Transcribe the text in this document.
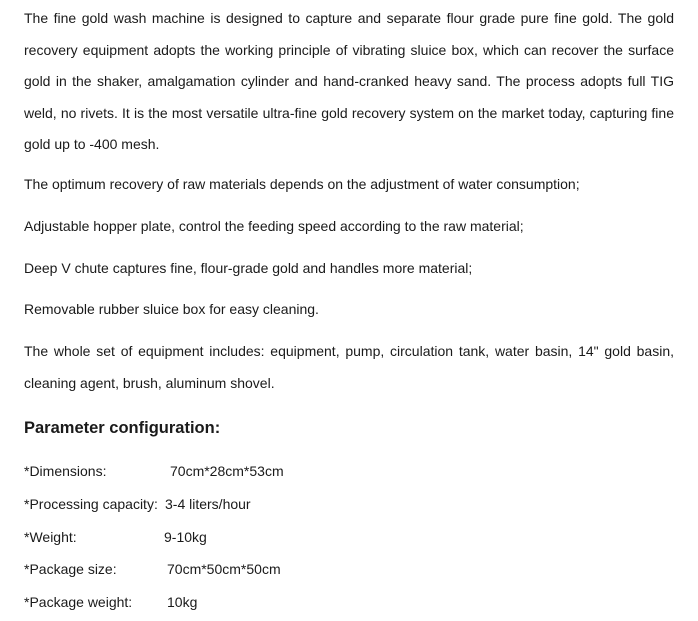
The fine gold wash machine is designed to capture and separate flour grade pure fine gold. The gold recovery equipment adopts the working principle of vibrating sluice box, which can recover the surface gold in the shaker, amalgamation cylinder and hand-cranked heavy sand. The process adopts full TIG weld, no rivets. It is the most versatile ultra-fine gold recovery system on the market today, capturing fine gold up to -400 mesh.

The optimum recovery of raw materials depends on the adjustment of water consumption;

Adjustable hopper plate, control the feeding speed according to the raw material;

Deep V chute captures fine, flour-grade gold and handles more material;

Removable rubber sluice box for easy cleaning.

The whole set of equipment includes: equipment, pump, circulation tank, water basin, 14" gold basin, cleaning agent, brush, aluminum shovel.

Parameter configuration:
*Dimensions:	70cm*28cm*53cm
*Processing capacity: 3-4 liters/hour
*Weight:	9-10kg
*Package size:	70cm*50cm*50cm
*Package weight: 10kg
